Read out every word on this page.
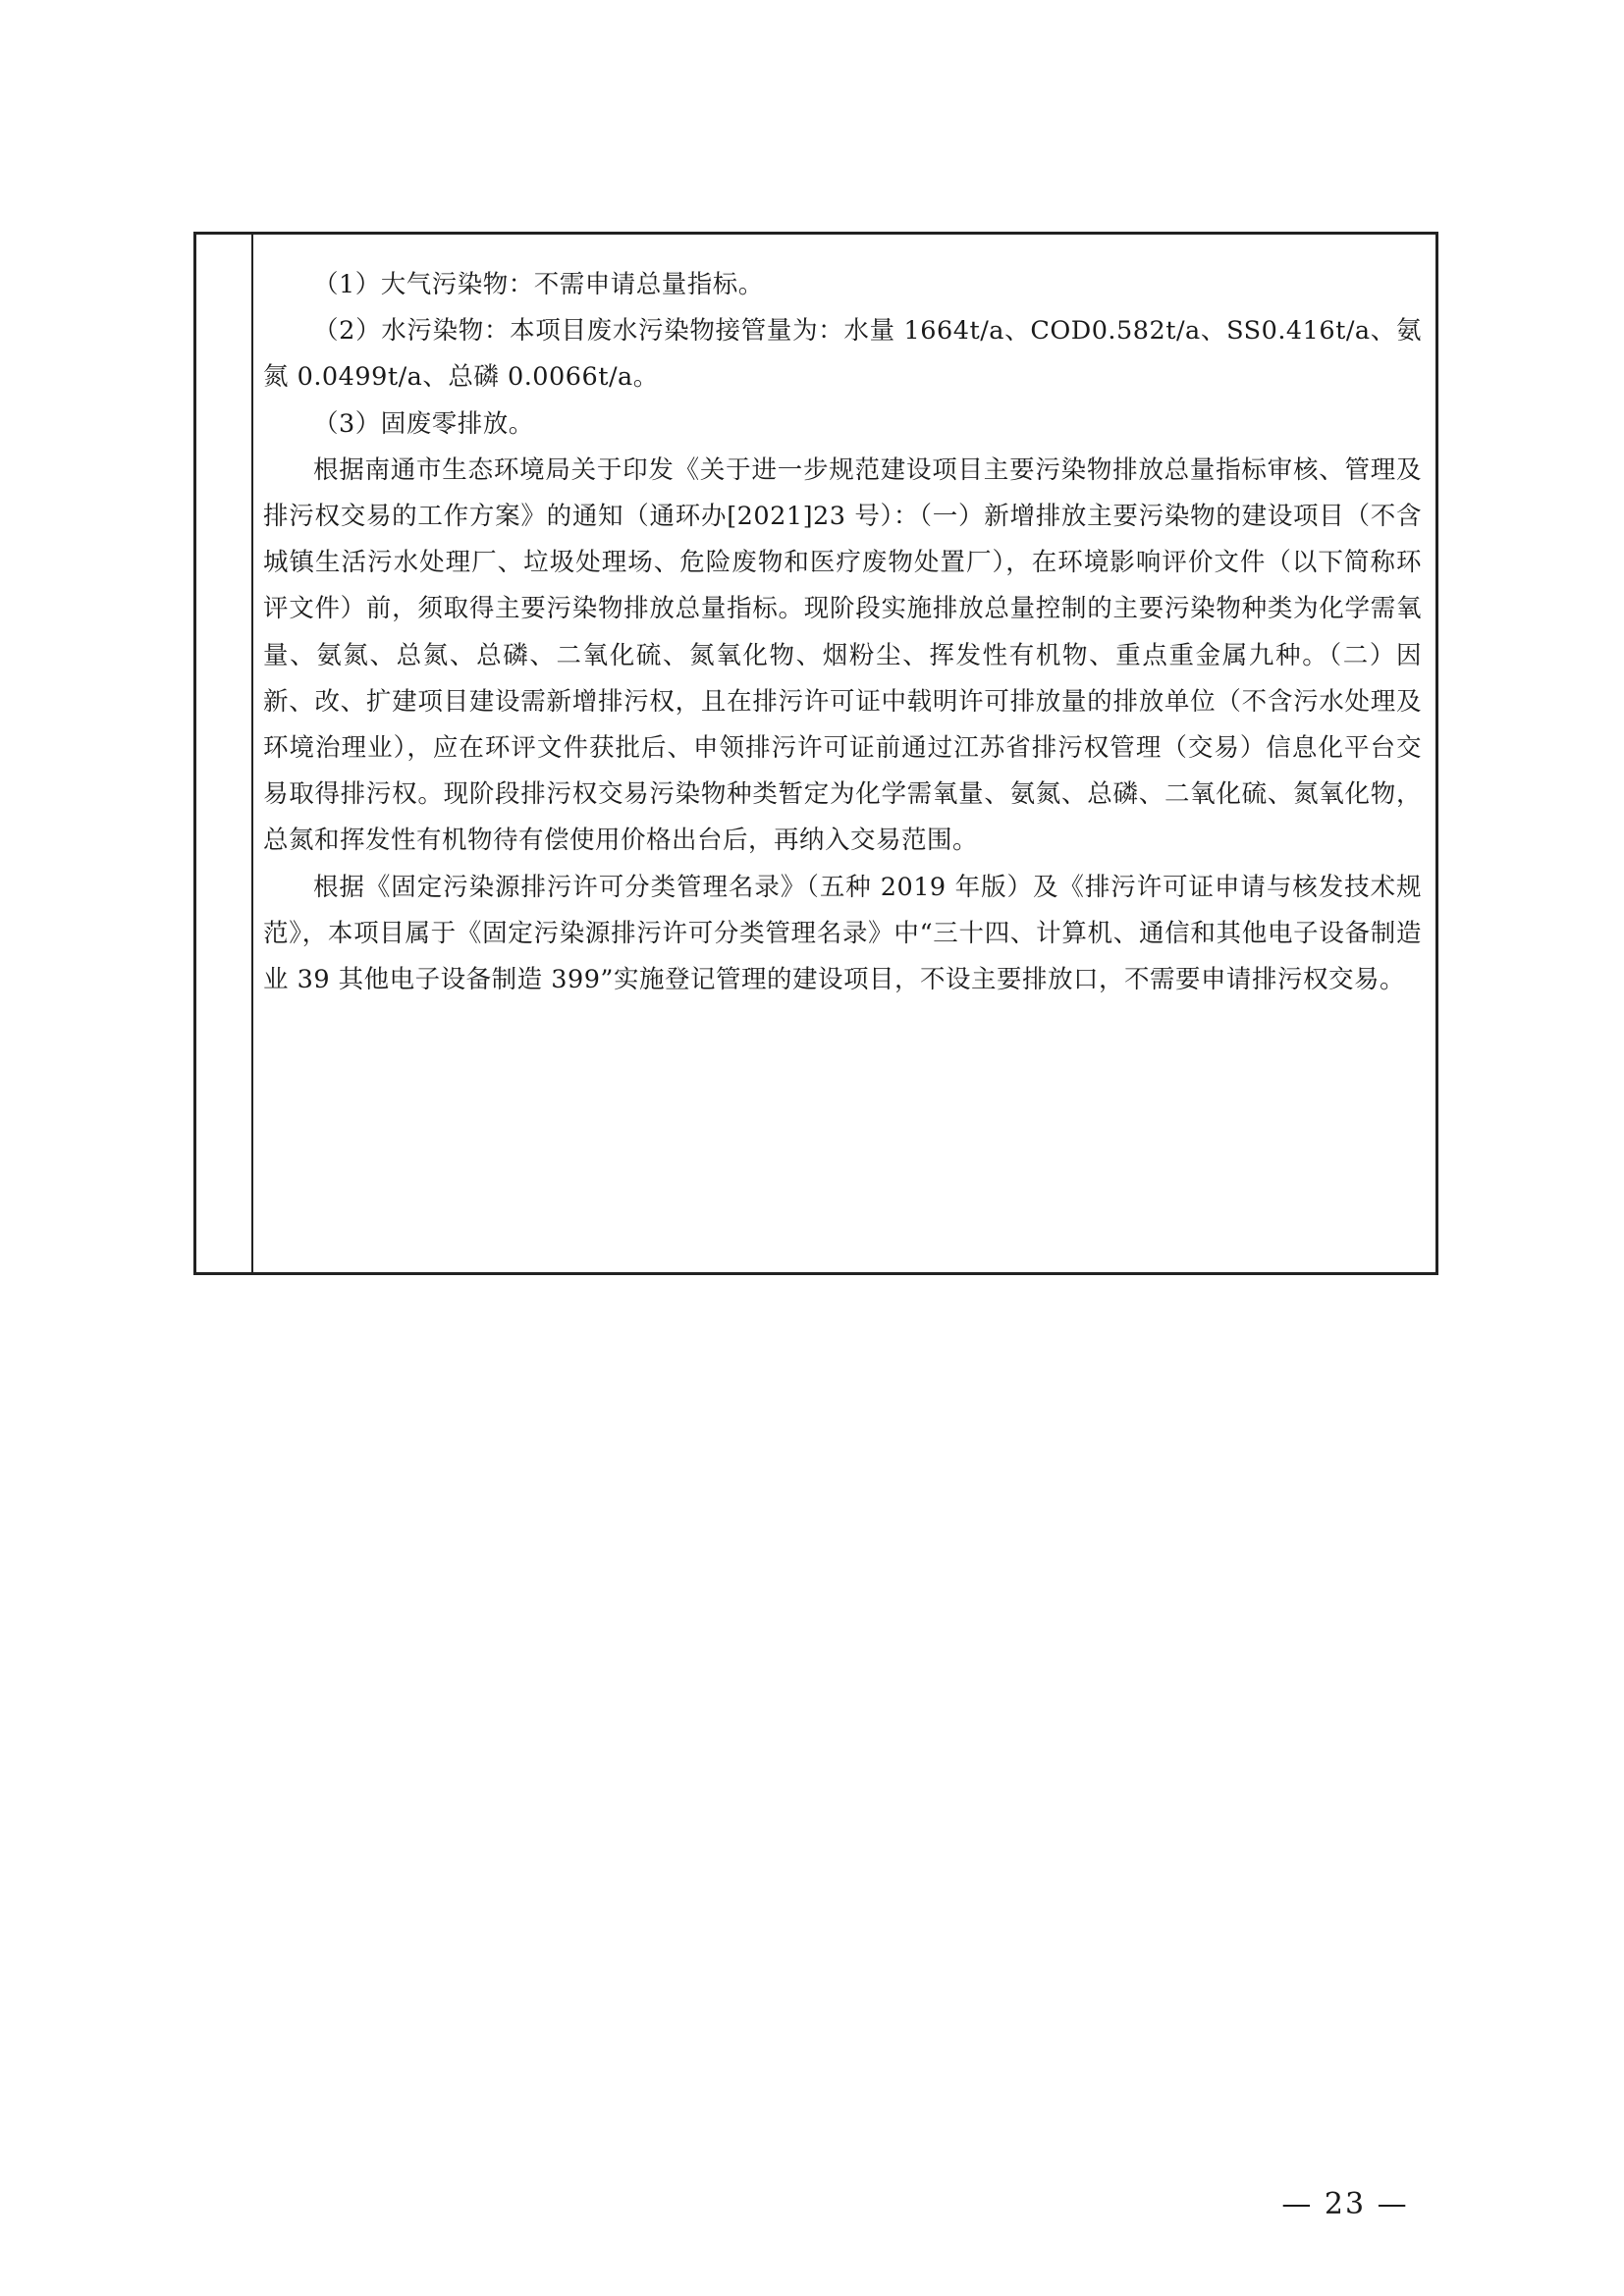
（1）大气污染物：不需申请总量指标。

（2）水污染物：本项目废水污染物接管量为：水量 1664t/a、COD0.582t/a、SS0.416t/a、氨氮 0.0499t/a、总磷 0.0066t/a。

（3）固废零排放。

根据南通市生态环境局关于印发《关于进一步规范建设项目主要污染物排放总量指标审核、管理及排污权交易的工作方案》的通知（通环办[2021]23 号）：（一）新增排放主要污染物的建设项目（不含城镇生活污水处理厂、垃圾处理场、危险废物和医疗废物处置厂），在环境影响评价文件（以下简称环评文件）前，须取得主要污染物排放总量指标。现阶段实施排放总量控制的主要污染物种类为化学需氧量、氨氮、总氮、总磷、二氧化硫、氮氧化物、烟粉尘、挥发性有机物、重点重金属九种。（二）因新、改、扩建项目建设需新增排污权，且在排污许可证中载明许可排放量的排放单位（不含污水处理及环境治理业），应在环评文件获批后、申领排污许可证前通过江苏省排污权管理（交易）信息化平台交易取得排污权。现阶段排污权交易污染物种类暂定为化学需氧量、氨氮、总磷、二氧化硫、氮氧化物，总氮和挥发性有机物待有偿使用价格出台后，再纳入交易范围。

根据《固定污染源排污许可分类管理名录》（五种 2019 年版）及《排污许可证申请与核发技术规范》，本项目属于《固定污染源排污许可分类管理名录》中“三十四、计算机、通信和其他电子设备制造业 39 其他电子设备制造 399”实施登记管理的建设项目，不设主要排放口，不需要申请排污权交易。

— 23 —
